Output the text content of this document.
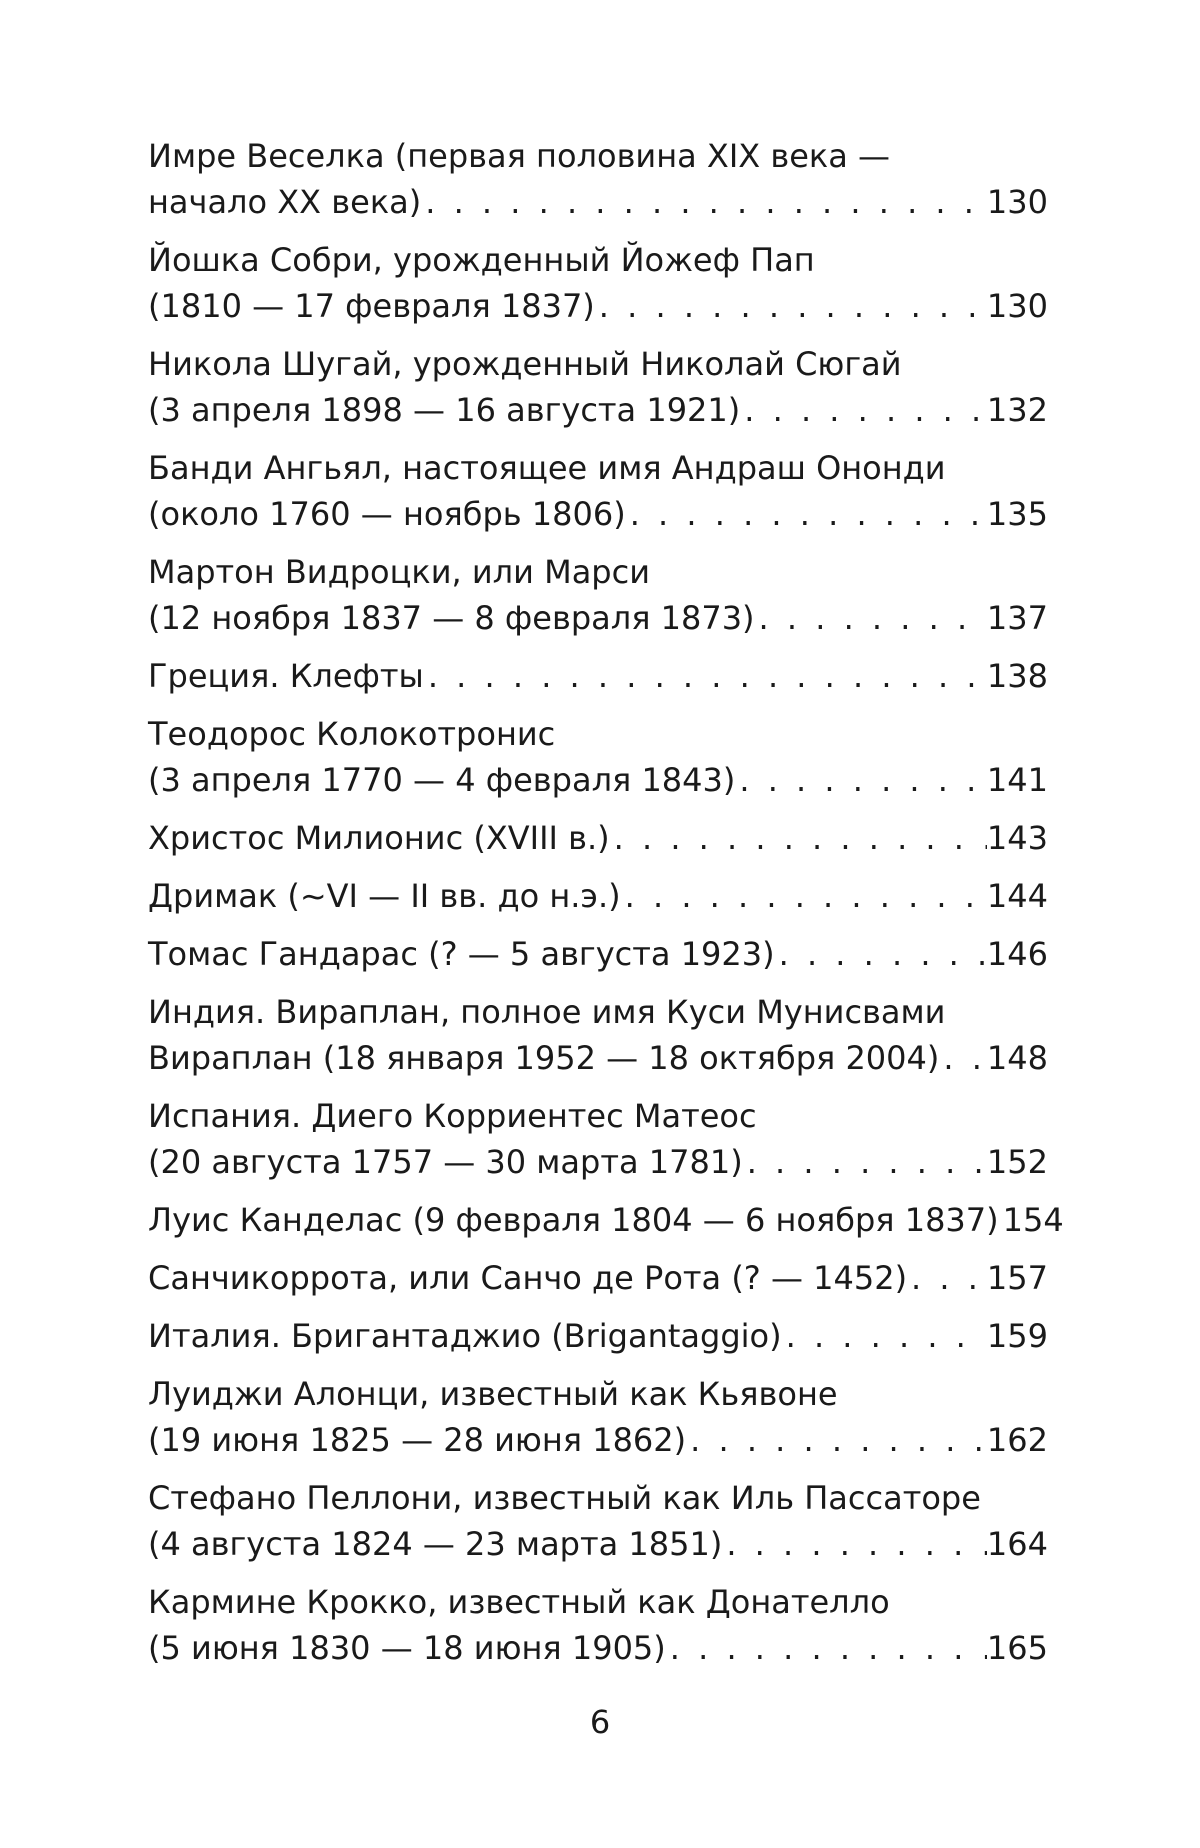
Имре Веселка (первая половина XIX века —
начало XX века) . . .	130
Йошка Собри, урожденный Йожеф Пап
(1810 — 17 февраля 1837) . . .	130
Никола Шугай, урожденный Николай Сюгай
(3 апреля 1898 — 16 августа 1921) . . .	132
Банди Ангьял, настоящее имя Андраш Ононди
(около 1760 — ноябрь 1806) . . .	135
Мартон Видроцки, или Марси
(12 ноября 1837 — 8 февраля 1873) . . .	137
Греция. Клефты . . .	138
Теодорос Колокотронис
(3 апреля 1770 — 4 февраля 1843) . . .	141
Христос Милионис (XVIII в.) . . .	143
Дримак (~VI — II вв. до н.э.) . . .	144
Томас Гандарас (? — 5 августа 1923) . . .	146
Индия. Вираплан, полное имя Куси Мунисвами
Вираплан (18 января 1952 — 18 октября 2004) . . . 148
Испания. Диего Корриентес Матеос
(20 августа 1757 — 30 марта 1781) . . .	152
Луис Канделас (9 февраля 1804 — 6 ноября 1837) 154
Санчикоррота, или Санчо де Рота (? — 1452) . . . 157
Италия. Бригантаджио (Brigantaggio) . . .	159
Луиджи Алонци, известный как Кьявоне
(19 июня 1825 — 28 июня 1862) . . .	162
Стефано Пеллони, известный как Иль Пассаторе
(4 августа 1824 — 23 марта 1851) . . .	164
Кармине Крокко, известный как Донателло
(5 июня 1830 — 18 июня 1905) . . .	165
6
